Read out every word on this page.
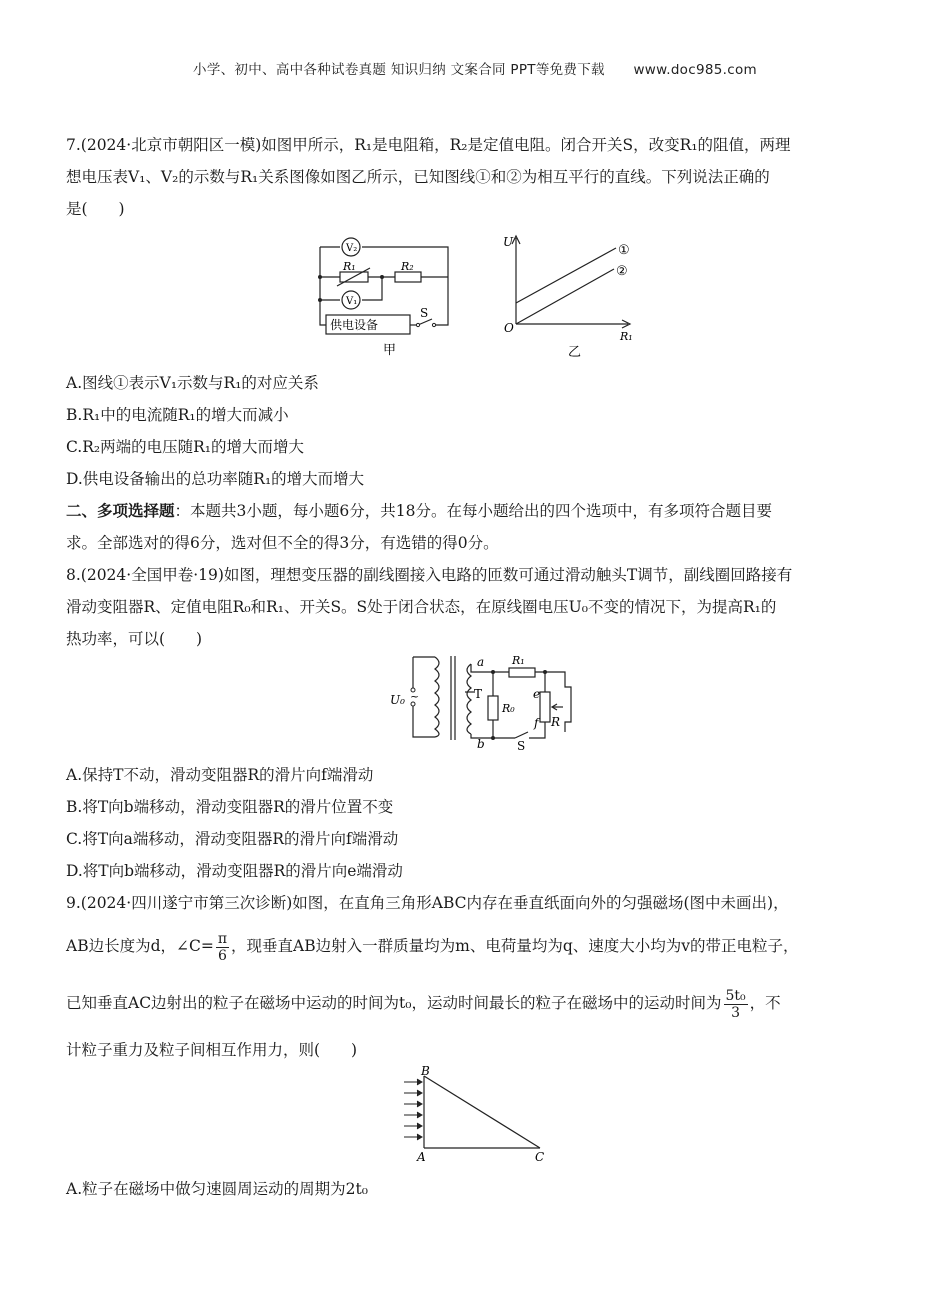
小学、初中、高中各种试卷真题 知识归纳 文案合同 PPT等免费下载 www.doc985.com
7.(2024·北京市朝阳区一模)如图甲所示，R₁是电阻箱，R₂是定值电阻。闭合开关S，改变R₁的阻值，两理
想电压表V₁、V₂的示数与R₁关系图像如图乙所示，已知图线①和②为相互平行的直线。下列说法正确的
是(　　)
V₂
R₁	R₂
V₁
供电设备
S
甲
U
O
R₁
①
②
乙
A.图线①表示V₁示数与R₁的对应关系
B.R₁中的电流随R₁的增大而减小
C.R₂两端的电压随R₁的增大而增大
D.供电设备输出的总功率随R₁的增大而增大
二、多项选择题：本题共3小题，每小题6分，共18分。在每小题给出的四个选项中，有多项符合题目要
求。全部选对的得6分，选对但不全的得3分，有选错的得0分。
8.(2024·全国甲卷·19)如图，理想变压器的副线圈接入电路的匝数可通过滑动触头T调节，副线圈回路接有
滑动变阻器R、定值电阻R₀和R₁、开关S。S处于闭合状态，在原线圈电压U₀不变的情况下，为提高R₁的
热功率，可以(　　)
~
U₀
a
b
T
R₁
R₀
e
f R
S
A.保持T不动，滑动变阻器R的滑片向f端滑动
B.将T向b端移动，滑动变阻器R的滑片位置不变
C.将T向a端移动，滑动变阻器R的滑片向f端滑动
D.将T向b端移动，滑动变阻器R的滑片向e端滑动
9.(2024·四川遂宁市第三次诊断)如图，在直角三角形ABC内存在垂直纸面向外的匀强磁场(图中未画出)，
AB边长度为d，∠C= $\frac{\pi}{6}$ ，现垂直AB边射入一群质量均为m、电荷量均为q、速度大小均为v的带正电粒子，
已知垂直AC边射出的粒子在磁场中运动的时间为t₀，运动时间最长的粒子在磁场中的运动时间为 $\frac{\text{5t₀}}{3}$ ，不
计粒子重力及粒子间相互作用力，则(　　)
B
A	C
A.粒子在磁场中做匀速圆周运动的周期为2t₀
